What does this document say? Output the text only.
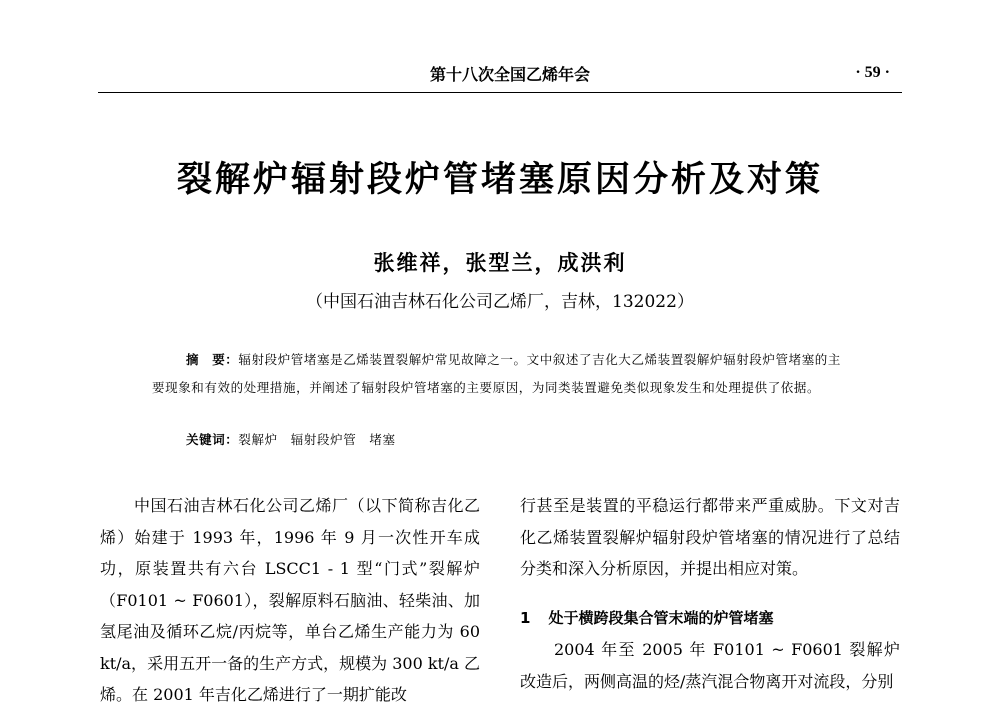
第十八次全国乙烯年会	· 59 ·
裂解炉辐射段炉管堵塞原因分析及对策
张维祥，张型兰，成洪利
（中国石油吉林石化公司乙烯厂，吉林，132022）

摘　要：辐射段炉管堵塞是乙烯装置裂解炉常见故障之一。文中叙述了吉化大乙烯装置裂解炉辐射段炉管堵塞的主要现象和有效的处理措施，并阐述了辐射段炉管堵塞的主要原因，为同类装置避免类似现象发生和处理提供了依据。

关键词：裂解炉　辐射段炉管　堵塞

中国石油吉林石化公司乙烯厂（以下简称吉化乙烯）始建于 1993 年，1996 年 9 月一次性开车成功，原装置共有六台 LSCC1 - 1 型“门式”裂解炉（F0101 ~ F0601），裂解原料石脑油、轻柴油、加氢尾油及循环乙烷/丙烷等，单台乙烯生产能力为 60 kt/a，采用五开一备的生产方式，规模为 300 kt/a 乙烯。在 2001 年吉化乙烯进行了一期扩能改

行甚至是装置的平稳运行都带来严重威胁。下文对吉化乙烯装置裂解炉辐射段炉管堵塞的情况进行了总结分类和深入分析原因，并提出相应对策。

1 处于横跨段集合管末端的炉管堵塞

2004 年至 2005 年 F0101 ~ F0601 裂解炉改造后，两侧高温的烃/蒸汽混合物离开对流段，分别
